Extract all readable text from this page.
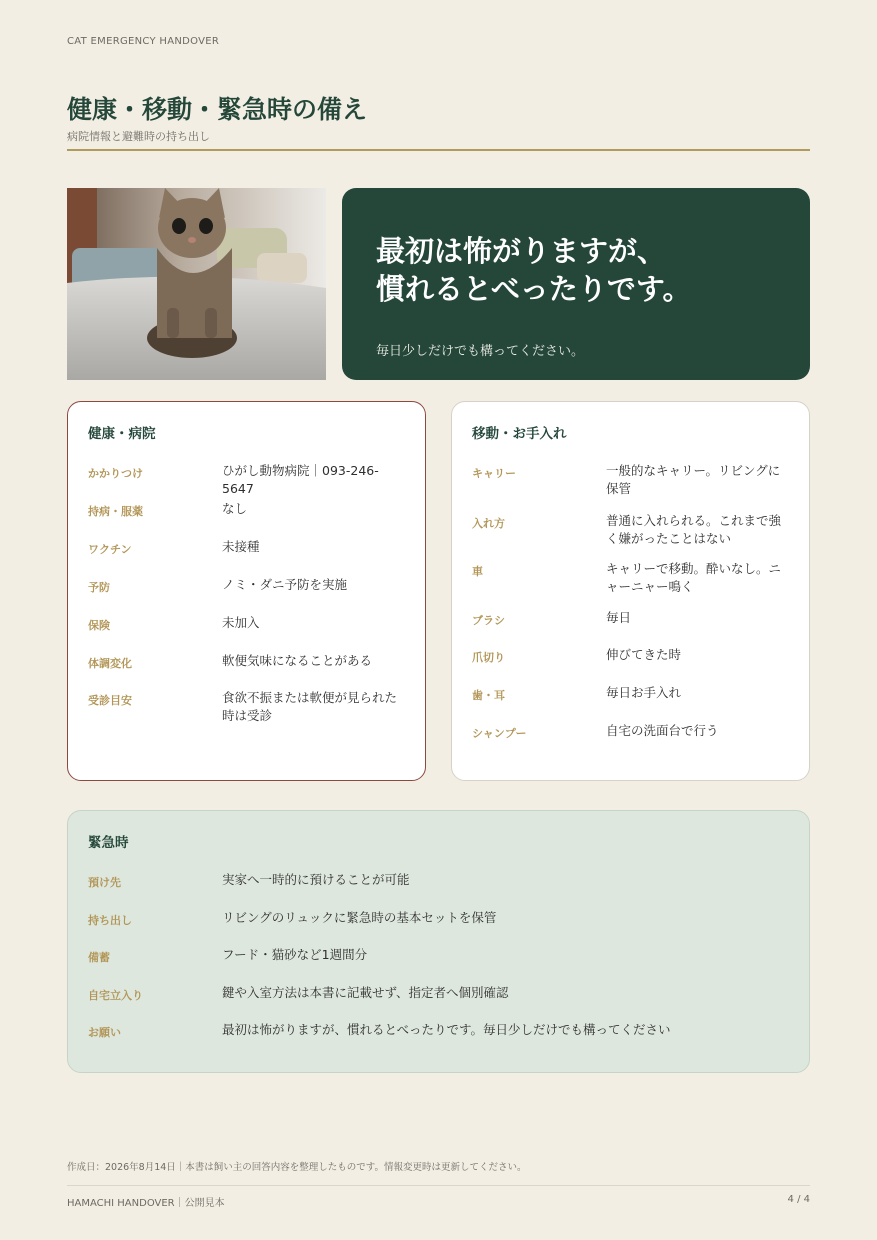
CAT EMERGENCY HANDOVER
健康・移動・緊急時の備え
病院情報と避難時の持ち出し
最初は怖がりますが、
慣れるとべったりです。
毎日少しだけでも構ってください。
健康・病院
かかりつけ	ひがし動物病院｜093-246-5647
持病・服薬	なし
ワクチン	未接種
予防	ノミ・ダニ予防を実施
保険	未加入
体調変化	軟便気味になることがある
受診目安	食欲不振または軟便が見られた時は受診
移動・お手入れ
キャリー	一般的なキャリー。リビングに保管
入れ方	普通に入れられる。これまで強く嫌がったことはない
車	キャリーで移動。酔いなし。ニャーニャー鳴く
ブラシ	毎日
爪切り	伸びてきた時
歯・耳	毎日お手入れ
シャンプー	自宅の洗面台で行う
緊急時
預け先	実家へ一時的に預けることが可能
持ち出し	リビングのリュックに緊急時の基本セットを保管
備蓄	フード・猫砂など1週間分
自宅立入り	鍵や入室方法は本書に記載せず、指定者へ個別確認
お願い	最初は怖がりますが、慣れるとべったりです。毎日少しだけでも構ってください
作成日：2026年8月14日｜本書は飼い主の回答内容を整理したものです。情報変更時は更新してください。
HAMACHI HANDOVER｜公開見本	4 / 4
